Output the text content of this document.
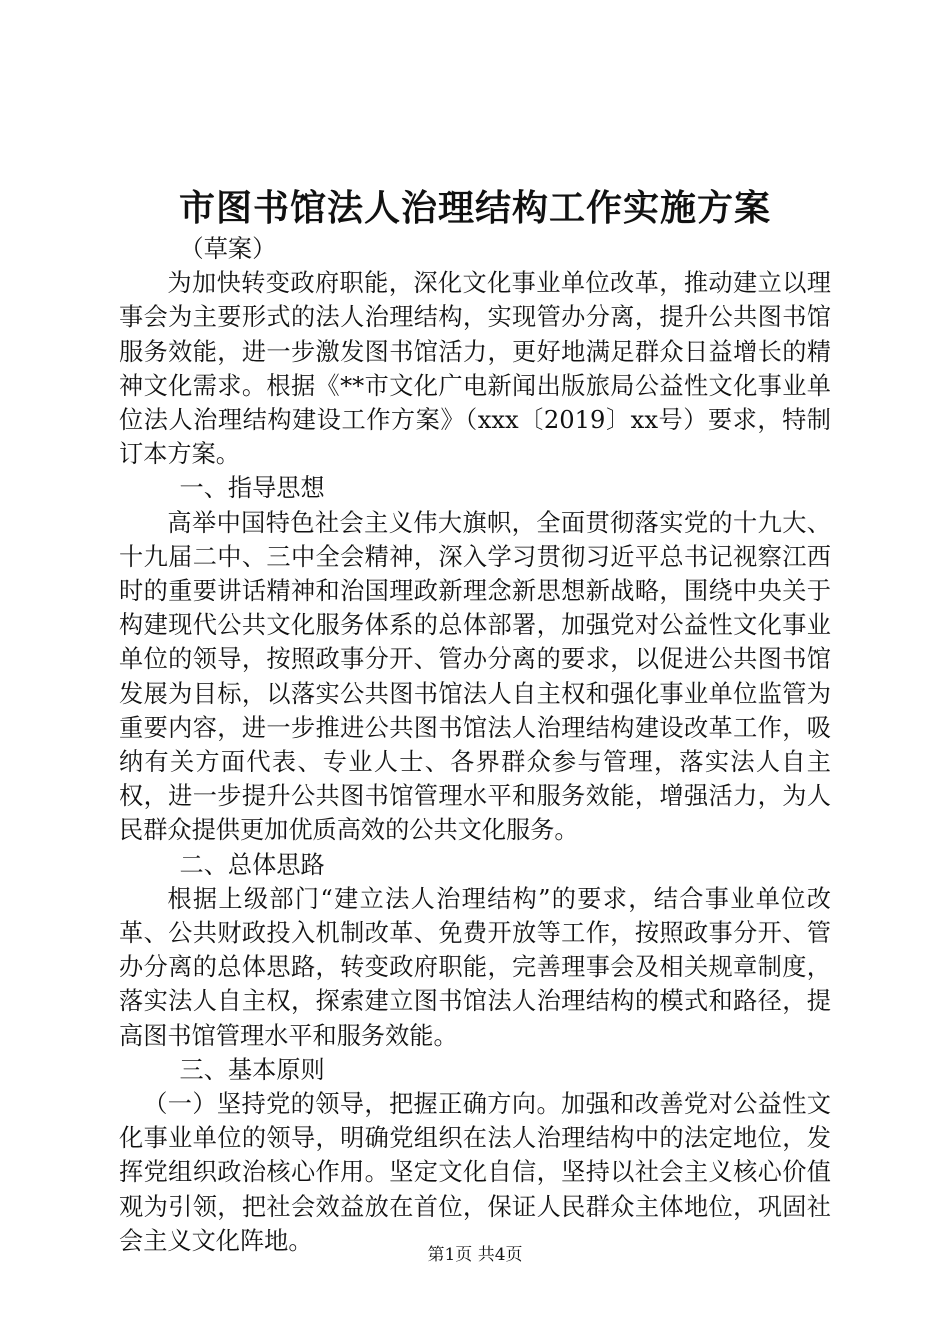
市图书馆法人治理结构工作实施方案

（草案）

为加快转变政府职能，深化文化事业单位改革，推动建立以理事会为主要形式的法人治理结构，实现管办分离，提升公共图书馆服务效能，进一步激发图书馆活力，更好地满足群众日益增长的精神文化需求。根据《**市文化广电新闻出版旅局公益性文化事业单位法人治理结构建设工作方案》（xxx〔2019〕xx号）要求，特制订本方案。

一、指导思想

高举中国特色社会主义伟大旗帜，全面贯彻落实党的十九大、十九届二中、三中全会精神，深入学习贯彻习近平总书记视察江西时的重要讲话精神和治国理政新理念新思想新战略，围绕中央关于构建现代公共文化服务体系的总体部署，加强党对公益性文化事业单位的领导，按照政事分开、管办分离的要求，以促进公共图书馆发展为目标，以落实公共图书馆法人自主权和强化事业单位监管为重要内容，进一步推进公共图书馆法人治理结构建设改革工作，吸纳有关方面代表、专业人士、各界群众参与管理，落实法人自主权，进一步提升公共图书馆管理水平和服务效能，增强活力，为人民群众提供更加优质高效的公共文化服务。

二、总体思路

根据上级部门“建立法人治理结构”的要求，结合事业单位改革、公共财政投入机制改革、免费开放等工作，按照政事分开、管办分离的总体思路，转变政府职能，完善理事会及相关规章制度，落实法人自主权，探索建立图书馆法人治理结构的模式和路径，提高图书馆管理水平和服务效能。

三、基本原则

（一）坚持党的领导，把握正确方向。加强和改善党对公益性文化事业单位的领导，明确党组织在法人治理结构中的法定地位，发挥党组织政治核心作用。坚定文化自信，坚持以社会主义核心价值观为引领，把社会效益放在首位，保证人民群众主体地位，巩固社会主义文化阵地。

第1页 共4页
